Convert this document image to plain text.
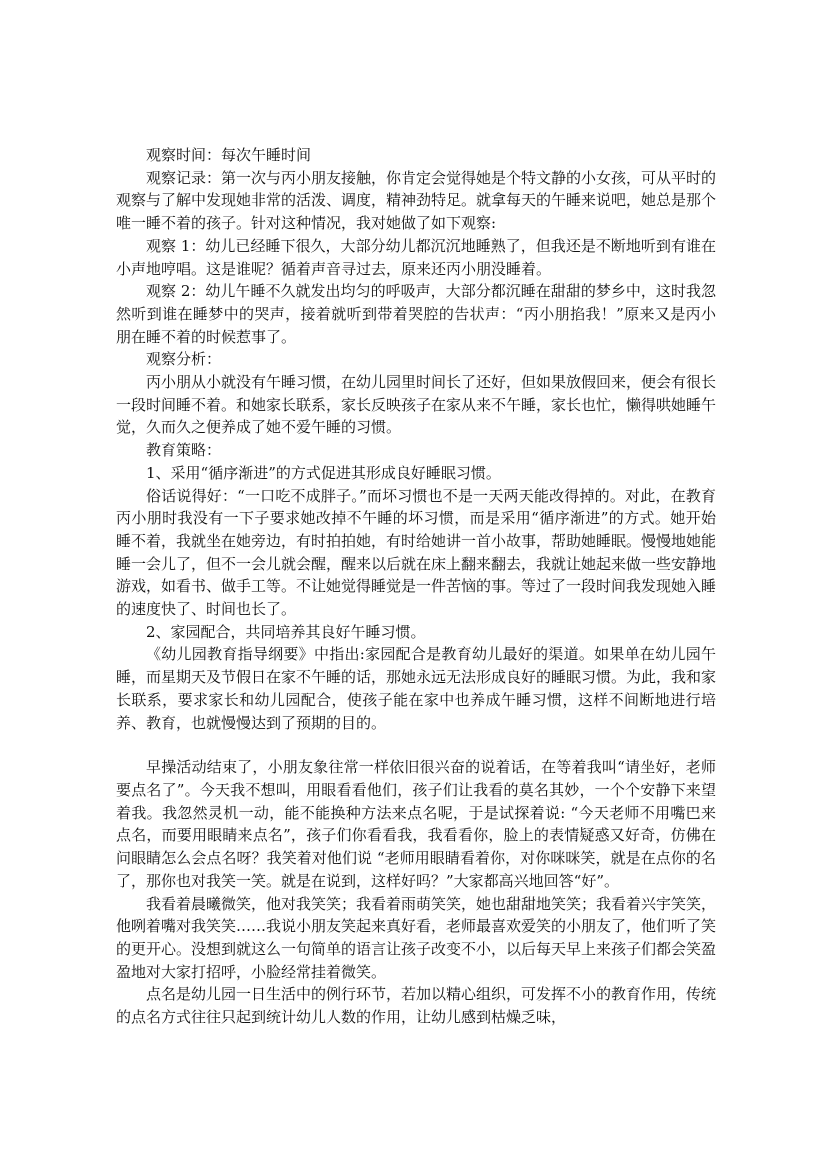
观察时间：每次午睡时间

观察记录：第一次与丙小朋友接触，你肯定会觉得她是个特文静的小女孩，可从平时的观察与了解中发现她非常的活泼、调度，精神劲特足。就拿每天的午睡来说吧，她总是那个唯一睡不着的孩子。针对这种情况，我对她做了如下观察:

观察 1：幼儿已经睡下很久，大部分幼儿都沉沉地睡熟了，但我还是不断地听到有谁在小声地哼唱。这是谁呢？循着声音寻过去，原来还丙小朋没睡着。

观察 2：幼儿午睡不久就发出均匀的呼吸声，大部分都沉睡在甜甜的梦乡中，这时我忽然听到谁在睡梦中的哭声，接着就听到带着哭腔的告状声：“丙小朋掐我！”原来又是丙小朋在睡不着的时候惹事了。

观察分析：

丙小朋从小就没有午睡习惯，在幼儿园里时间长了还好，但如果放假回来，便会有很长一段时间睡不着。和她家长联系，家长反映孩子在家从来不午睡，家长也忙，懒得哄她睡午觉，久而久之便养成了她不爱午睡的习惯。

教育策略：

1、采用“循序渐进”的方式促进其形成良好睡眠习惯。

俗话说得好：“一口吃不成胖子。”而坏习惯也不是一天两天能改得掉的。对此，在教育丙小朋时我没有一下子要求她改掉不午睡的坏习惯，而是采用“循序渐进”的方式。她开始睡不着，我就坐在她旁边，有时拍拍她，有时给她讲一首小故事，帮助她睡眠。慢慢地她能睡一会儿了，但不一会儿就会醒，醒来以后就在床上翻来翻去，我就让她起来做一些安静地游戏，如看书、做手工等。不让她觉得睡觉是一件苦恼的事。等过了一段时间我发现她入睡的速度快了、时间也长了。

2、家园配合，共同培养其良好午睡习惯。

《幼儿园教育指导纲要》中指出:家园配合是教育幼儿最好的渠道。如果单在幼儿园午睡，而星期天及节假日在家不午睡的话，那她永远无法形成良好的睡眠习惯。为此，我和家长联系，要求家长和幼儿园配合，使孩子能在家中也养成午睡习惯，这样不间断地进行培养、教育，也就慢慢达到了预期的目的。

早操活动结束了，小朋友象往常一样依旧很兴奋的说着话，在等着我叫“请坐好，老师要点名了”。今天我不想叫，用眼看看他们，孩子们让我看的莫名其妙，一个个安静下来望着我。我忽然灵机一动，能不能换种方法来点名呢，于是试探着说: “今天老师不用嘴巴来点名，而要用眼睛来点名”，孩子们你看看我，我看看你，脸上的表情疑惑又好奇，仿佛在问眼睛怎么会点名呀？我笑着对他们说 “老师用眼睛看着你，对你咪咪笑，就是在点你的名了，那你也对我笑一笑。就是在说到，这样好吗？”大家都高兴地回答“好”。

我看着晨曦微笑，他对我笑笑；我看着雨萌笑笑，她也甜甜地笑笑；我看着兴宇笑笑，他咧着嘴对我笑笑……我说小朋友笑起来真好看，老师最喜欢爱笑的小朋友了，他们听了笑的更开心。没想到就这么一句简单的语言让孩子改变不小，以后每天早上来孩子们都会笑盈盈地对大家打招呼，小脸经常挂着微笑。

点名是幼儿园一日生活中的例行环节，若加以精心组织，可发挥不小的教育作用，传统的点名方式往往只起到统计幼儿人数的作用，让幼儿感到枯燥乏味，
